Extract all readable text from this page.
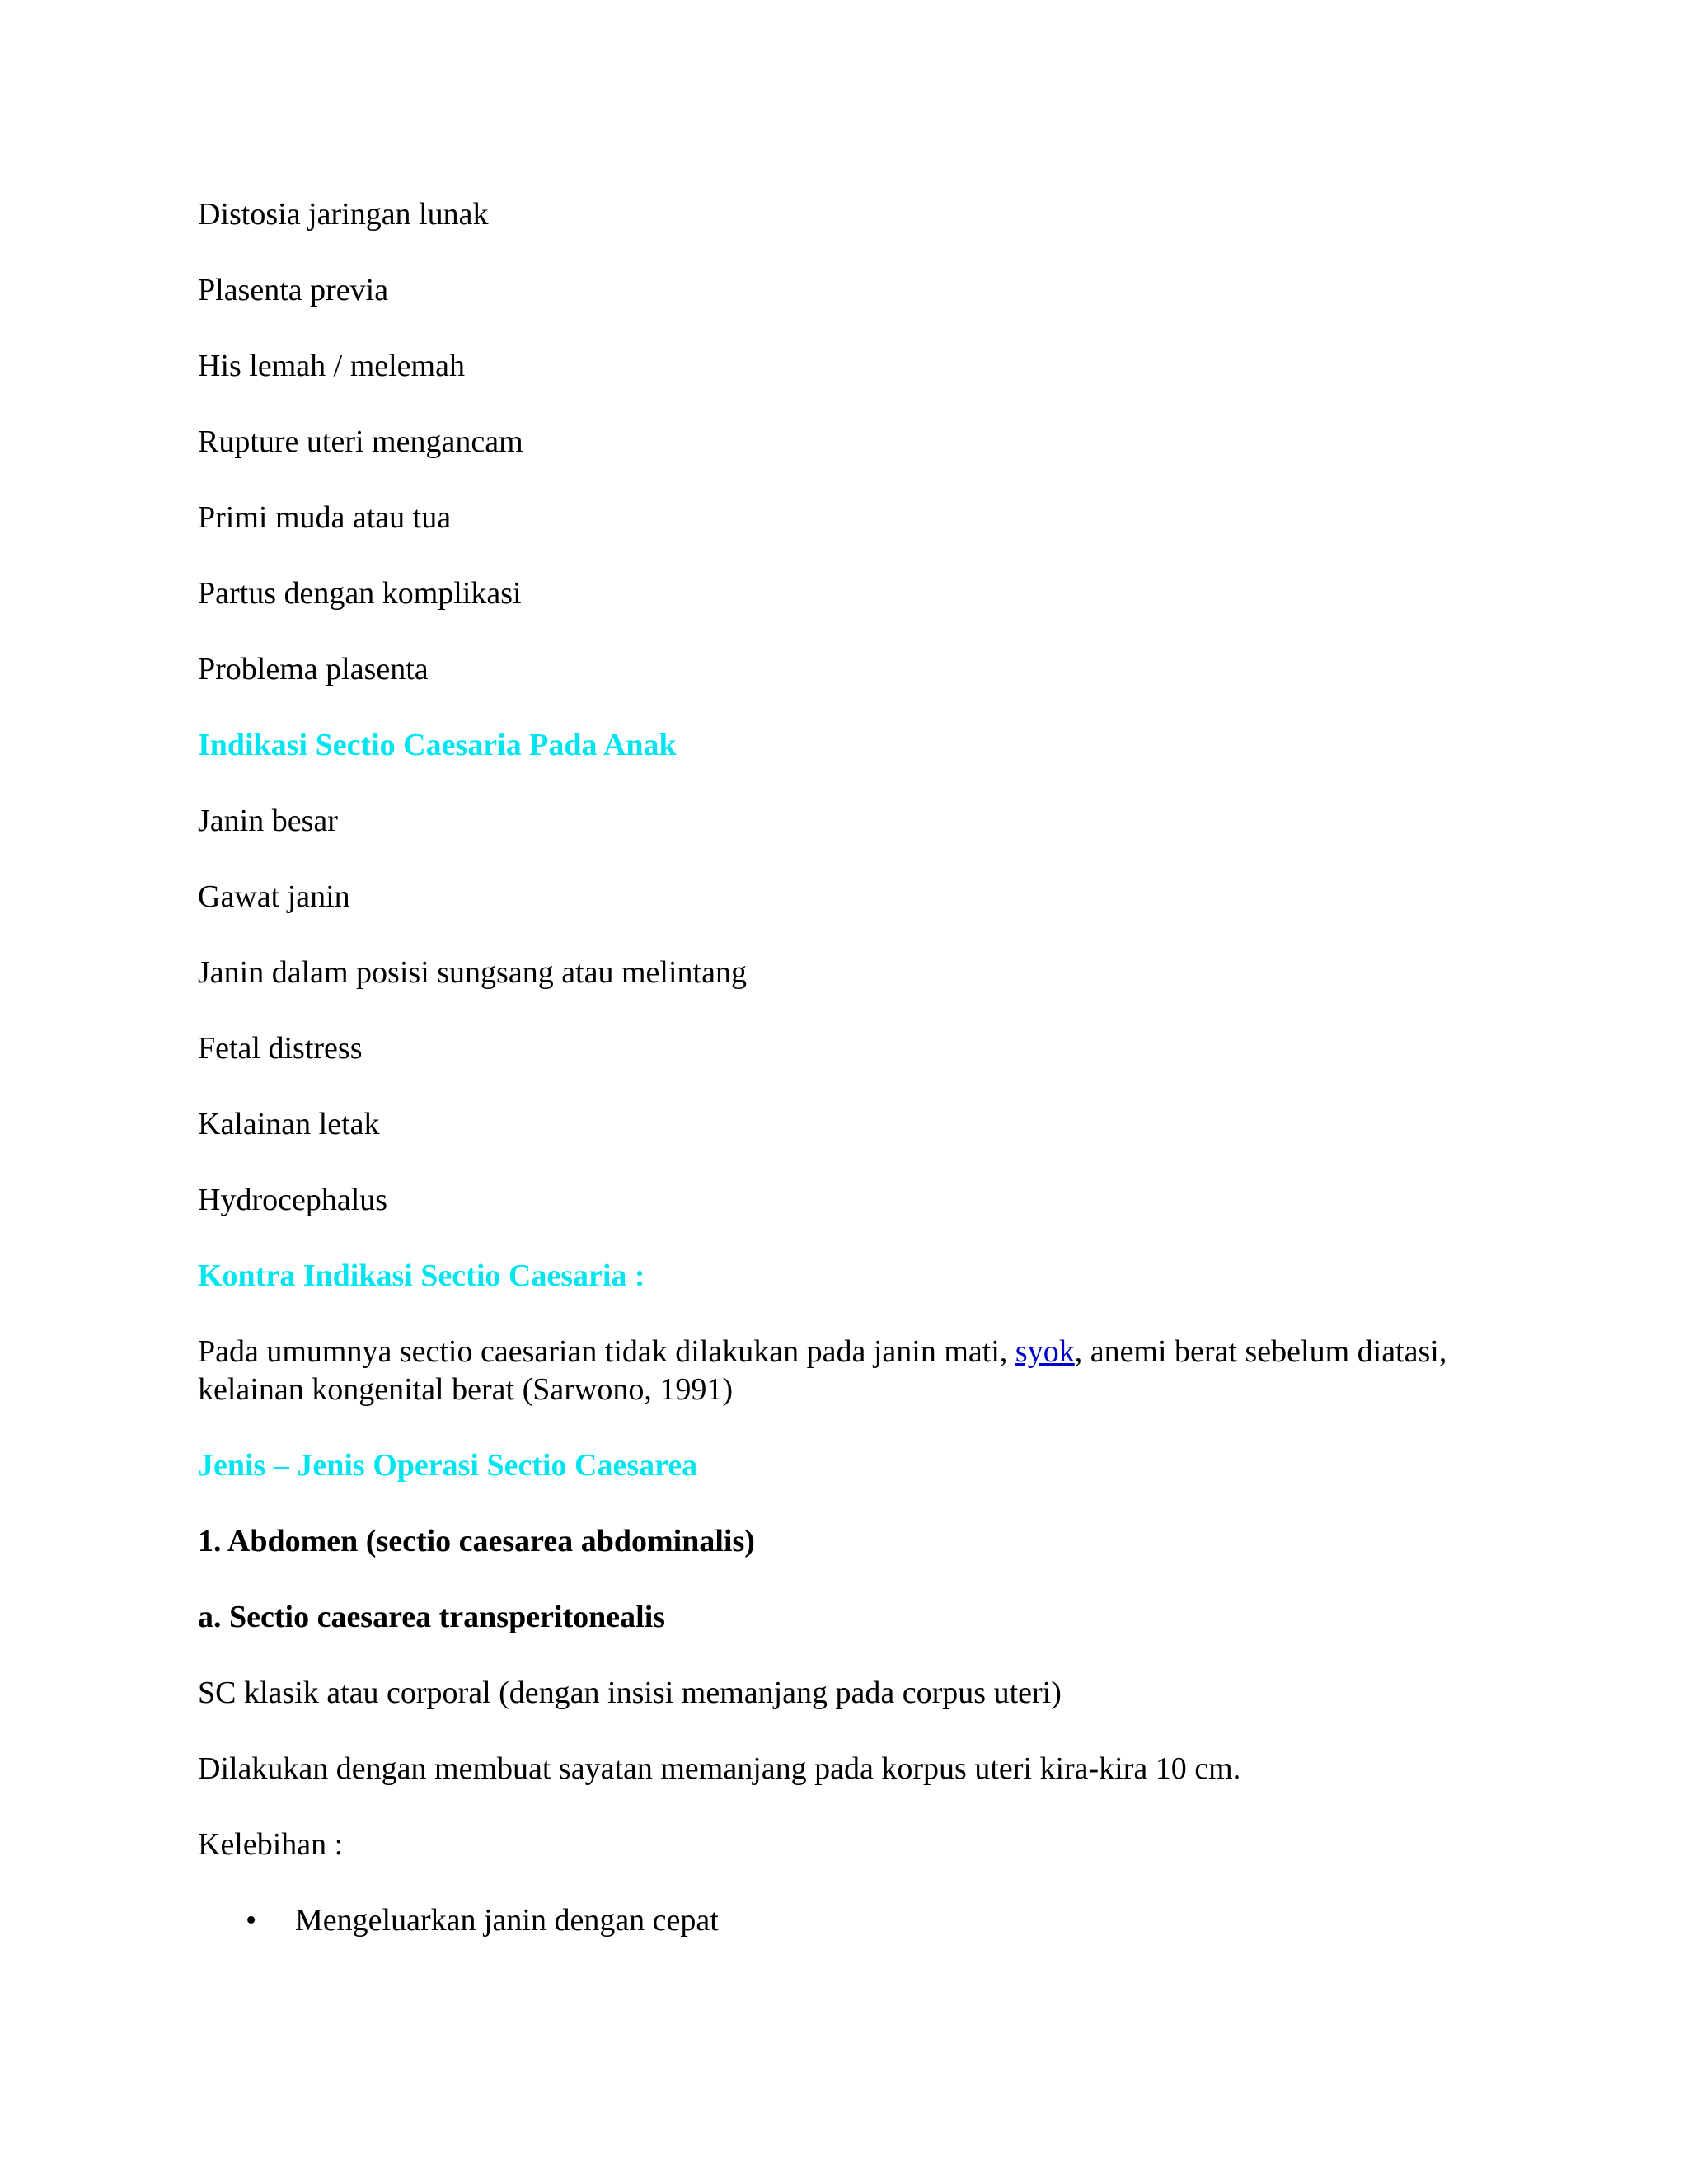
Distosia jaringan lunak

Plasenta previa

His lemah / melemah

Rupture uteri mengancam

Primi muda atau tua

Partus dengan komplikasi

Problema plasenta

Indikasi Sectio Caesaria Pada Anak

Janin besar

Gawat janin

Janin dalam posisi sungsang atau melintang

Fetal distress

Kalainan letak

Hydrocephalus

Kontra Indikasi Sectio Caesaria :

Pada umumnya sectio caesarian tidak dilakukan pada janin mati, syok, anemi berat sebelum diatasi, kelainan kongenital berat (Sarwono, 1991)

Jenis – Jenis Operasi Sectio Caesarea

1. Abdomen (sectio caesarea abdominalis)

a. Sectio caesarea transperitonealis

SC klasik atau corporal (dengan insisi memanjang pada corpus uteri)

Dilakukan dengan membuat sayatan memanjang pada korpus uteri kira-kira 10 cm.

Kelebihan :

• Mengeluarkan janin dengan cepat
